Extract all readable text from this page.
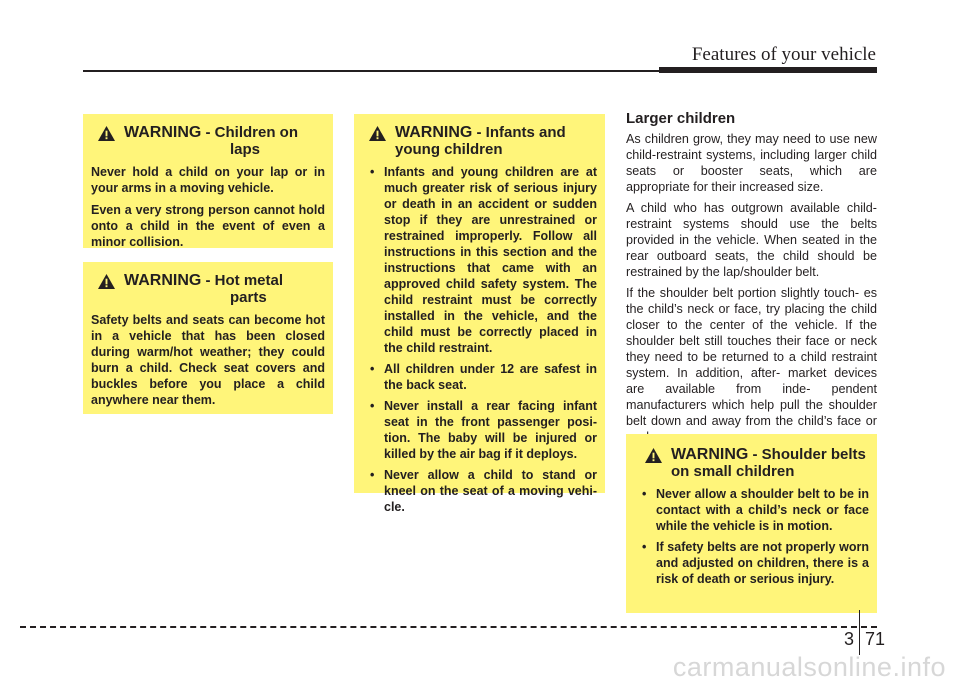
Features of your vehicle
WARNING - Children on
laps

Never hold a child on your lap or in your arms in a moving vehicle.

Even a very strong person cannot hold onto a child in the event of even a minor collision.

WARNING - Hot metal
parts

Safety belts and seats can become hot in a vehicle that has been closed during warm/hot weather; they could burn a child. Check seat covers and buckles before you place a child anywhere near them.

WARNING - Infants and
young children
• Infants and young children are at much greater risk of serious injury or death in an accident or sudden stop if they are unrestrained or restrained improperly. Follow all instructions in this section and the instructions that came with an approved child safety system. The child restraint must be correctly installed in the vehicle, and the child must be correctly placed in the child restraint.
• All children under 12 are safest in the back seat.
• Never install a rear facing infant seat in the front passenger posi- tion. The baby will be injured or killed by the air bag if it deploys.
• Never allow a child to stand or kneel on the seat of a moving vehi- cle.
Larger children

As children grow, they may need to use new child-restraint systems, including larger child seats or booster seats, which are appropriate for their increased size.

A child who has outgrown available child- restraint systems should use the belts provided in the vehicle. When seated in the rear outboard seats, the child should be restrained by the lap/shoulder belt.

If the shoulder belt portion slightly touch- es the child’s neck or face, try placing the child closer to the center of the vehicle. If the shoulder belt still touches their face or neck they need to be returned to a child restraint system. In addition, after- market devices are available from inde- pendent manufacturers which help pull the shoulder belt down and away from the child’s face or

WARNING - Shoulder belts
on small children
• Never allow a shoulder belt to be in contact with a child’s neck or face while the vehicle is in motion.
• If safety belts are not properly worn and adjusted on children, there is a risk of death or serious injury.
3 71
carmanualsonline.info
